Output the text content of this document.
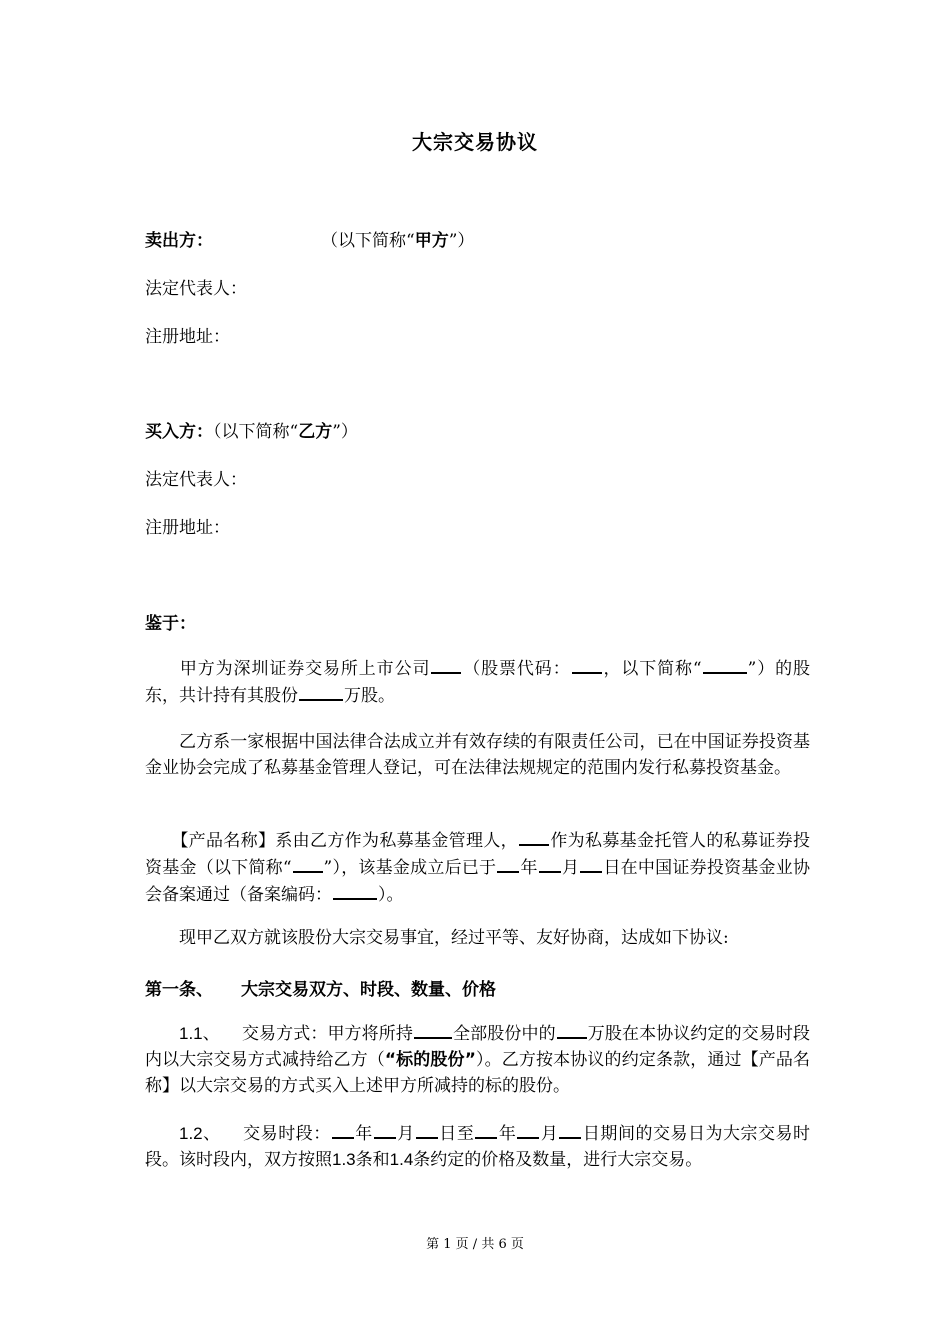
大宗交易协议
卖出方：	（以下简称“甲方”）
法定代表人：
注册地址：
买入方：（以下简称“乙方”）
法定代表人：
注册地址：
鉴于：
甲方为深圳证券交易所上市公司 （股票代码： ，以下简称“	”）的股东，共计持有其股份	万股。
乙方系一家根据中国法律合法成立并有效存续的有限责任公司，已在中国证券投资基金业协会完成了私募基金管理人登记，可在法律法规规定的范围内发行私募投资基金。
【产品名称】系由乙方作为私募基金管理人， 作为私募基金托管人的私募证券投资基金（以下简称“ ”），该基金成立后已于 年 月 日在中国证券投资基金业协会备案通过（备案编码：	）。
现甲乙双方就该股份大宗交易事宜，经过平等、友好协商，达成如下协议:
第一条、 大宗交易双方、时段、数量、价格
1.1、 交易方式：甲方将所持 全部股份中的 万股在本协议约定的交易时段内以大宗交易方式减持给乙方（“标的股份”）。乙方按本协议的约定条款，通过【产品名称】以大宗交易的方式买入上述甲方所减持的标的股份。
1.2、 交易时段： 年 月 日至 年 月 日期间的交易日为大宗交易时段。该时段内，双方按照1.3条和1.4条约定的价格及数量，进行大宗交易。
第 1 页 / 共 6 页
